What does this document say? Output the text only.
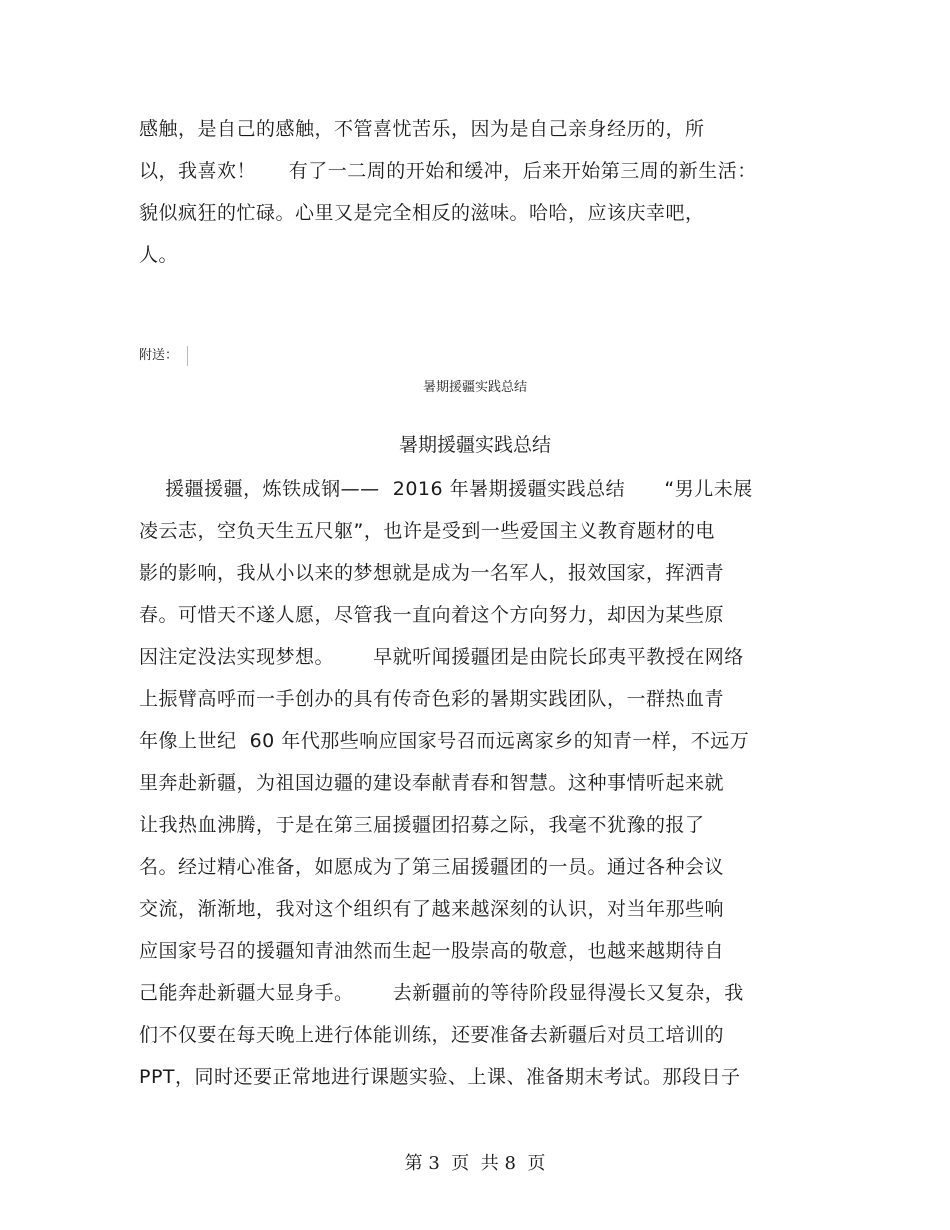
感触，是自己的感触，不管喜忧苦乐，因为是自己亲身经历的，所
以，我喜欢！     有了一二周的开始和缓冲，后来开始第三周的新生活：
貌似疯狂的忙碌。心里又是完全相反的滋味。哈哈，应该庆幸吧，
人。
附送：
暑期援疆实践总结
暑期援疆实践总结
援疆援疆，炼铁成钢——  2016 年暑期援疆实践总结      “男儿未展
凌云志，空负天生五尺躯”，也许是受到一些爱国主义教育题材的电
影的影响，我从小以来的梦想就是成为一名军人，报效国家，挥洒青
春。可惜天不遂人愿，尽管我一直向着这个方向努力，却因为某些原
因注定没法实现梦想。      早就听闻援疆团是由院长邱夷平教授在网络
上振臂高呼而一手创办的具有传奇色彩的暑期实践团队，一群热血青
年像上世纪  60 年代那些响应国家号召而远离家乡的知青一样，不远万
里奔赴新疆，为祖国边疆的建设奉献青春和智慧。这种事情听起来就
让我热血沸腾，于是在第三届援疆团招募之际，我毫不犹豫的报了
名。经过精心准备，如愿成为了第三届援疆团的一员。通过各种会议
交流，渐渐地，我对这个组织有了越来越深刻的认识，对当年那些响
应国家号召的援疆知青油然而生起一股崇高的敬意，也越来越期待自
己能奔赴新疆大显身手。      去新疆前的等待阶段显得漫长又复杂，我
们不仅要在每天晚上进行体能训练，还要准备去新疆后对员工培训的
PPT，同时还要正常地进行课题实验、上课、准备期末考试。那段日子
第 3  页  共 8  页
